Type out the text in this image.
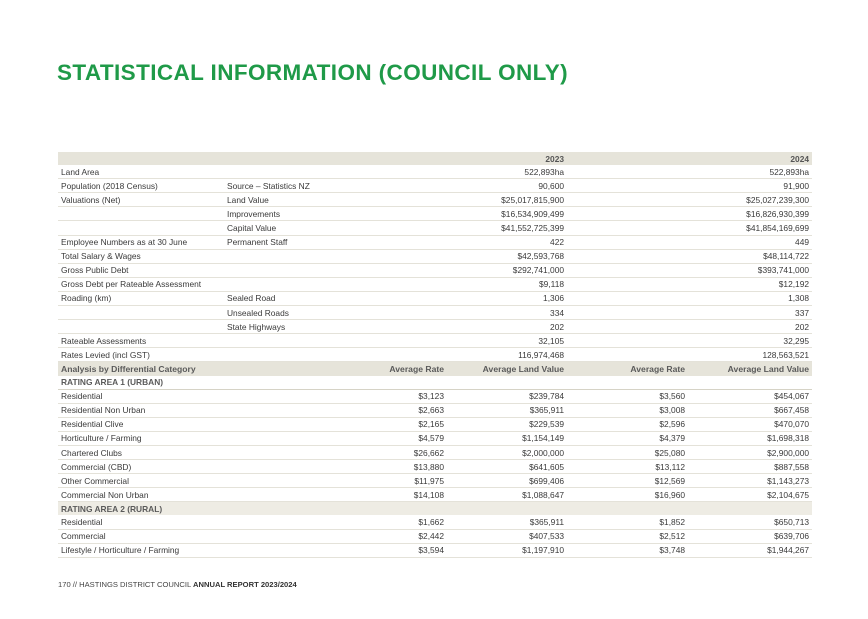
STATISTICAL INFORMATION (COUNCIL ONLY)
		2023		2024	
Land Area		522,893ha		522,893ha	
Population (2018 Census)	Source – Statistics NZ	90,600		91,900	
Valuations (Net)	Land Value	$25,017,815,900		$25,027,239,300	
	Improvements	$16,534,909,499		$16,826,930,399	
	Capital Value	$41,552,725,399		$41,854,169,699	
Employee Numbers as at 30 June	Permanent Staff	422		449	
Total Salary & Wages		$42,593,768		$48,114,722	
Gross Public Debt		$292,741,000		$393,741,000	
Gross Debt per Rateable Assessment		$9,118		$12,192	
Roading (km)	Sealed Road	1,306		1,308	
	Unsealed Roads	334		337	
	State Highways	202		202	
Rateable Assessments		32,105		32,295	
Rates Levied (incl GST)		116,974,468		128,563,521	
Analysis by Differential Category		Average Rate	Average Land Value	Average Rate	Average Land Value
RATING AREA 1 (URBAN)					
Residential		$3,123	$239,784	$3,560	$454,067
Residential Non Urban		$2,663	$365,911	$3,008	$667,458
Residential Clive		$2,165	$229,539	$2,596	$470,070
Horticulture / Farming		$4,579	$1,154,149	$4,379	$1,698,318
Chartered Clubs		$26,662	$2,000,000	$25,080	$2,900,000
Commercial (CBD)		$13,880	$641,605	$13,112	$887,558
Other Commercial		$11,975	$699,406	$12,569	$1,143,273
Commercial Non Urban		$14,108	$1,088,647	$16,960	$2,104,675
RATING AREA 2 (RURAL)					
Residential		$1,662	$365,911	$1,852	$650,713
Commercial		$2,442	$407,533	$2,512	$639,706
Lifestyle / Horticulture / Farming		$3,594	$1,197,910	$3,748	$1,944,267
170 // HASTINGS DISTRICT COUNCIL ANNUAL REPORT 2023/2024
